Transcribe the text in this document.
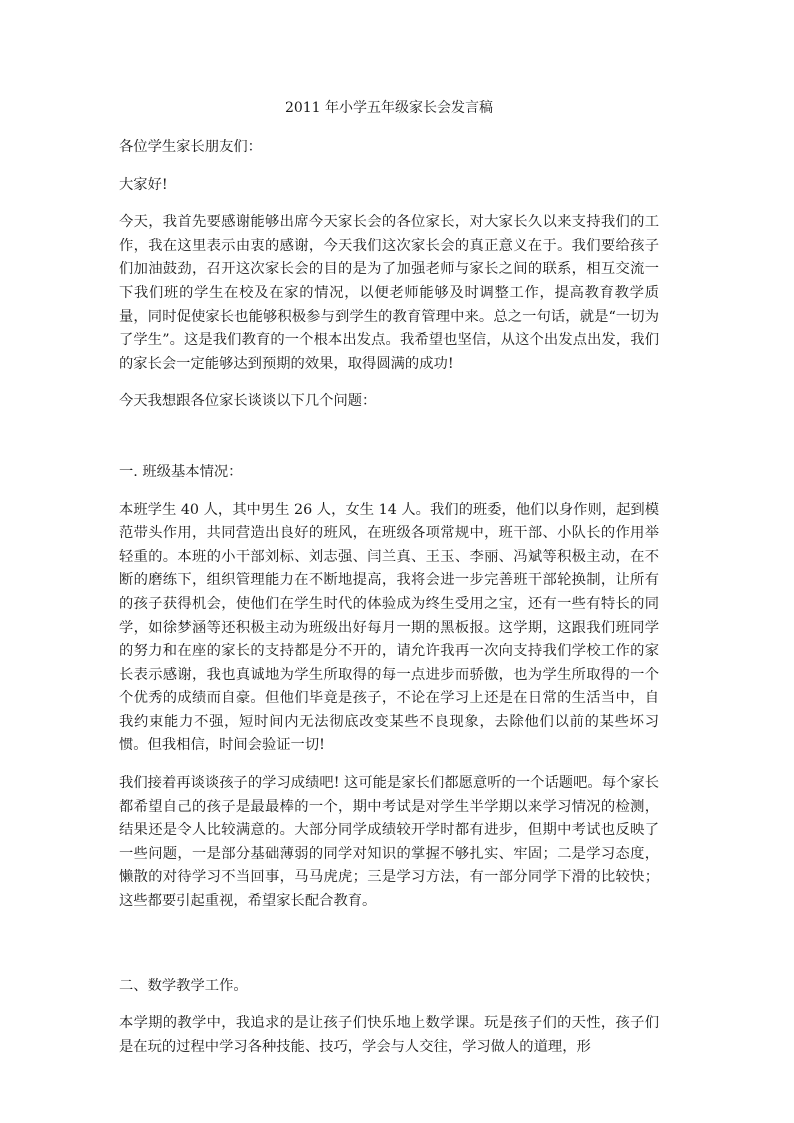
2011 年小学五年级家长会发言稿

各位学生家长朋友们：

大家好!

今天，我首先要感谢能够出席今天家长会的各位家长，对大家长久以来支持我们的工作，我在这里表示由衷的感谢，今天我们这次家长会的真正意义在于。我们要给孩子们加油鼓劲，召开这次家长会的目的是为了加强老师与家长之间的联系，相互交流一下我们班的学生在校及在家的情况，以便老师能够及时调整工作，提高教育教学质量，同时促使家长也能够积极参与到学生的教育管理中来。总之一句话，就是“一切为了学生”。这是我们教育的一个根本出发点。我希望也坚信，从这个出发点出发，我们的家长会一定能够达到预期的效果，取得圆满的成功!

今天我想跟各位家长谈谈以下几个问题：

一. 班级基本情况：

本班学生 40 人，其中男生 26 人，女生 14 人。我们的班委，他们以身作则，起到模范带头作用，共同营造出良好的班风，在班级各项常规中，班干部、小队长的作用举轻重的。本班的小干部刘标、刘志强、闫兰真、王玉、李丽、冯斌等积极主动，在不断的磨练下，组织管理能力在不断地提高，我将会进一步完善班干部轮换制，让所有的孩子获得机会，使他们在学生时代的体验成为终生受用之宝，还有一些有特长的同学，如徐梦涵等还积极主动为班级出好每月一期的黑板报。这学期，这跟我们班同学的努力和在座的家长的支持都是分不开的，请允许我再一次向支持我们学校工作的家长表示感谢，我也真诚地为学生所取得的每一点进步而骄傲，也为学生所取得的一个个优秀的成绩而自豪。但他们毕竟是孩子，不论在学习上还是在日常的生活当中，自我约束能力不强，短时间内无法彻底改变某些不良现象，去除他们以前的某些坏习惯。但我相信，时间会验证一切!

我们接着再谈谈孩子的学习成绩吧! 这可能是家长们都愿意听的一个话题吧。每个家长都希望自己的孩子是最最棒的一个，期中考试是对学生半学期以来学习情况的检测，结果还是令人比较满意的。大部分同学成绩较开学时都有进步，但期中考试也反映了一些问题，一是部分基础薄弱的同学对知识的掌握不够扎实、牢固；二是学习态度，懒散的对待学习不当回事，马马虎虎；三是学习方法，有一部分同学下滑的比较快；这些都要引起重视，希望家长配合教育。

二、数学教学工作。

本学期的教学中，我追求的是让孩子们快乐地上数学课。玩是孩子们的天性，孩子们是在玩的过程中学习各种技能、技巧，学会与人交往，学习做人的道理，形
